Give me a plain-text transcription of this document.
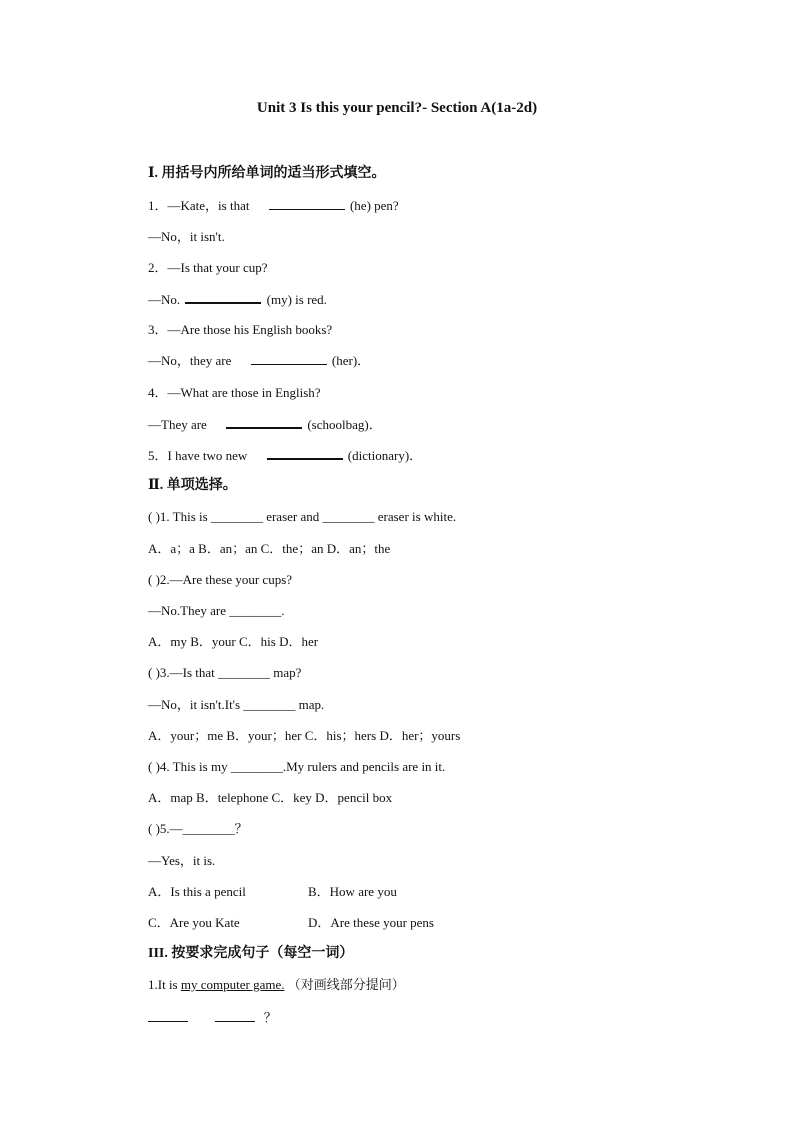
Unit 3 Is this your pencil?- Section A(1a-2d)
Ⅰ. 用括号内所给单词的适当形式填空。
1．—Kate，is that	(he) pen?
—No，it isn't.
2．—Is that your cup?
—No.	(my) is red.
3．—Are those his English books?
—No，they are	(her)．
4．—What are those in English?
—They are	(schoolbag)．
5．I have two new	(dictionary)．
Ⅱ. 单项选择。
( )1. This is ________ eraser and ________ eraser is white.
A．a；a B．an；an C．the；an D．an；the
( )2.—Are these your cups?
—No.They are ________.
A．my B．your C．his D．her
( )3.—Is that ________ map?
—No，it isn't.It's ________ map.
A．your；me B．your；her C．his；hers D．her；yours
( )4. This is my ________.My rulers and pencils are in it.
A．map B．telephone C．key D．pencil box
( )5.—________？
—Yes，it is.
A．Is this a pencil	B．How are you
C．Are you Kate	D．Are these your pens
III. 按要求完成句子（每空一词）
1.It is my computer game. （对画线部分提问）
？
